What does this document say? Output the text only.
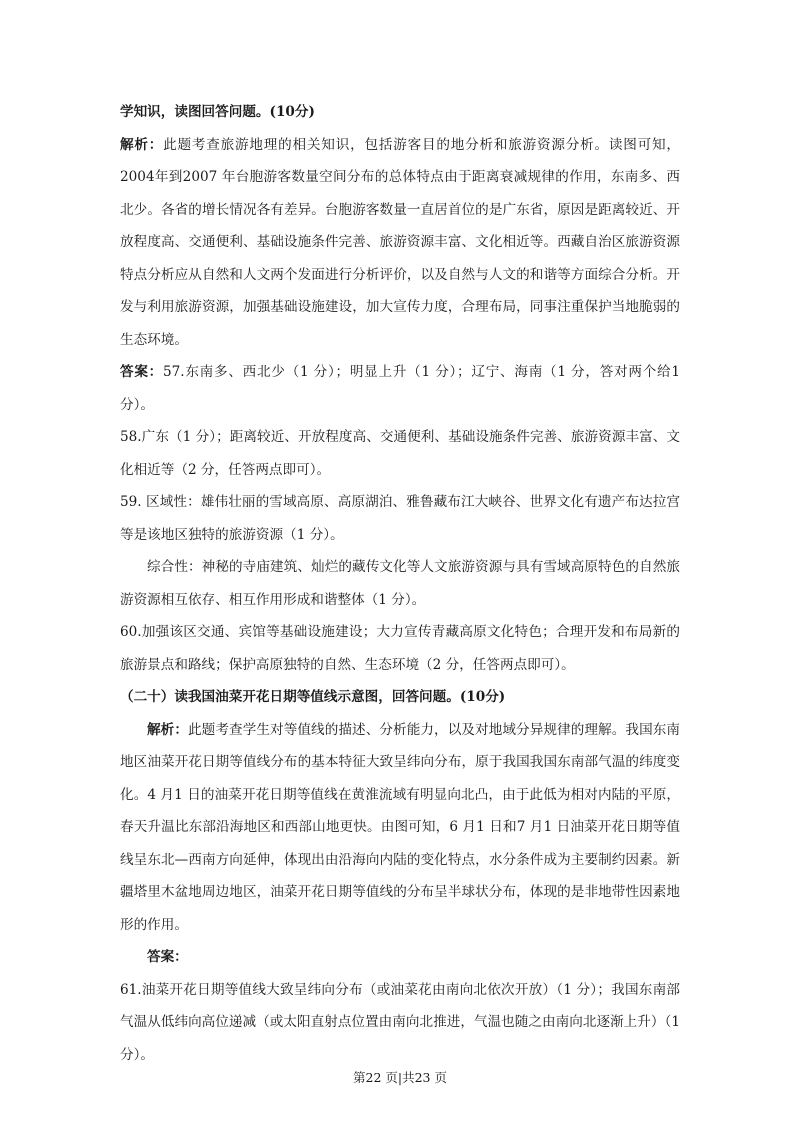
学知识，读图回答问题。(10分)

解析：此题考查旅游地理的相关知识，包括游客目的地分析和旅游资源分析。读图可知，2004年到2007 年台胞游客数量空间分布的总体特点由于距离衰减规律的作用，东南多、西北少。各省的增长情况各有差异。台胞游客数量一直居首位的是广东省，原因是距离较近、开放程度高、交通便利、基础设施条件完善、旅游资源丰富、文化相近等。西藏自治区旅游资源特点分析应从自然和人文两个发面进行分析评价，以及自然与人文的和谐等方面综合分析。开发与利用旅游资源，加强基础设施建设，加大宣传力度，合理布局，同事注重保护当地脆弱的生态环境。

答案：57.东南多、西北少（1 分）；明显上升（1 分）；辽宁、海南（1 分，答对两个给1分）。

58.广东（1 分）；距离较近、开放程度高、交通便利、基础设施条件完善、旅游资源丰富、文化相近等（2 分，任答两点即可）。

59. 区域性：雄伟壮丽的雪域高原、高原湖泊、雅鲁藏布江大峡谷、世界文化有遗产布达拉宫等是该地区独特的旅游资源（1 分）。

综合性：神秘的寺庙建筑、灿烂的藏传文化等人文旅游资源与具有雪域高原特色的自然旅游资源相互依存、相互作用形成和谐整体（1 分）。

60.加强该区交通、宾馆等基础设施建设；大力宣传青藏高原文化特色；合理开发和布局新的旅游景点和路线；保护高原独特的自然、生态环境（2 分，任答两点即可）。

（二十）读我国油菜开花日期等值线示意图，回答问题。(10分)

解析：此题考查学生对等值线的描述、分析能力，以及对地域分异规律的理解。我国东南地区油菜开花日期等值线分布的基本特征大致呈纬向分布，原于我国我国东南部气温的纬度变化。4 月1 日的油菜开花日期等值线在黄淮流域有明显向北凸，由于此低为相对内陆的平原，春天升温比东部沿海地区和西部山地更快。由图可知，6 月1 日和7 月1 日油菜开花日期等值线呈东北—西南方向延伸，体现出由沿海向内陆的变化特点，水分条件成为主要制约因素。新疆塔里木盆地周边地区，油菜开花日期等值线的分布呈半球状分布，体现的是非地带性因素地形的作用。

答案：

61.油菜开花日期等值线大致呈纬向分布（或油菜花由南向北依次开放）（1 分）；我国东南部气温从低纬向高位递减（或太阳直射点位置由南向北推进，气温也随之由南向北逐渐上升）（1 分）。

第22 页|共23 页
